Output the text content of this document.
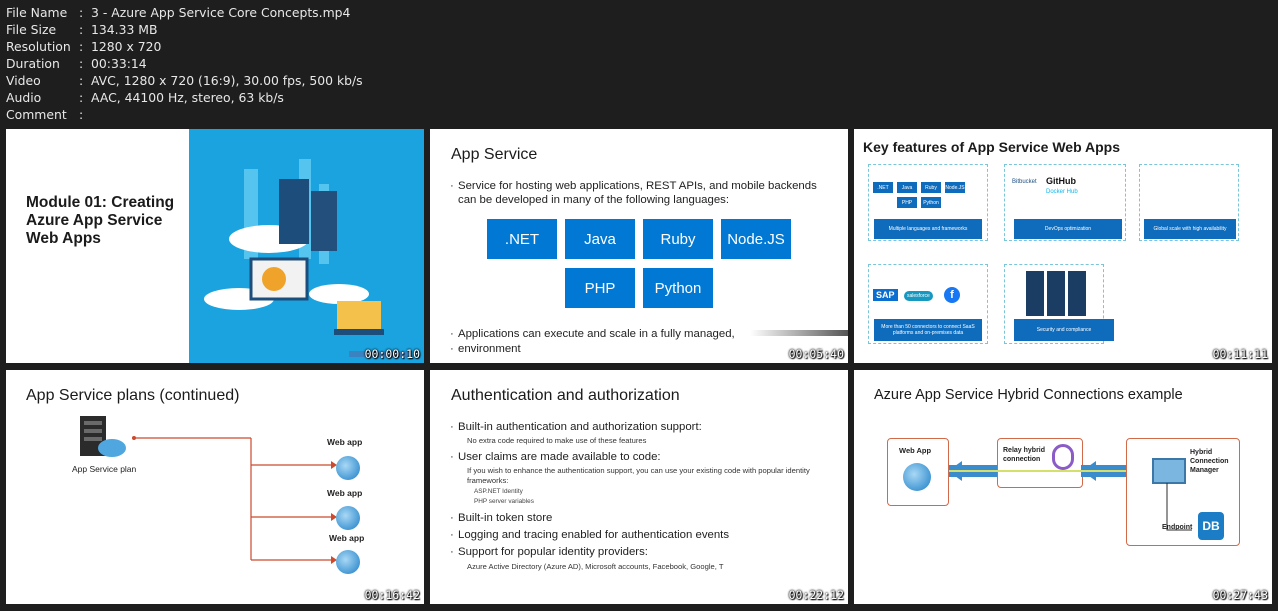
File Name : 3 - Azure App Service Core Concepts.mp4
File Size	: 134.33 MB
Resolution : 1280 x 720
Duration	: 00:33:14
Video	: AVC, 1280 x 720 (16:9), 30.00 fps, 500 kb/s
Audio	: AAC, 44100 Hz, stereo, 63 kb/s
Comment :
Module 01: Creating Azure App Service Web Apps
00:00:10
App Service
· Service for hosting web applications, REST APIs, and mobile backends can be developed in many of the following languages:
.NET	Java	Ruby	Node.JS
PHP	Python
· Applications can execute and scale in a fully managed,
· environment	00:05:40
Key features of App Service Web Apps
.NET	Java	Ruby	Node.JS
PHP	Python
Multiple languages and frameworks
Bitbucket GitHub
Docker Hub
DevOps optimization	Global scale with high availability
SAP	salesforce	f
More than 50 connectors to connect SaaS platforms and on-premises data	Security and compliance
00:11:11
App Service plans (continued)
App Service plan
Web app
Web app
Web app
00:16:42
Authentication and authorization
· Built-in authentication and authorization support:
No extra code required to make use of these features
· User claims are made available to code:
If you wish to enhance the authentication support, you can use your existing code with popular identity frameworks:
ASP.NET Identity
PHP server variables
· Built-in token store
· Logging and tracing enabled for authentication events
· Support for popular identity providers:
Azure Active Directory (Azure AD), Microsoft accounts, Facebook, Google, T
00:22:12
Azure App Service Hybrid Connections example
Web App	Relay hybrid connection
Hybrid Connection Manager
Endpoint DB
00:27:43
